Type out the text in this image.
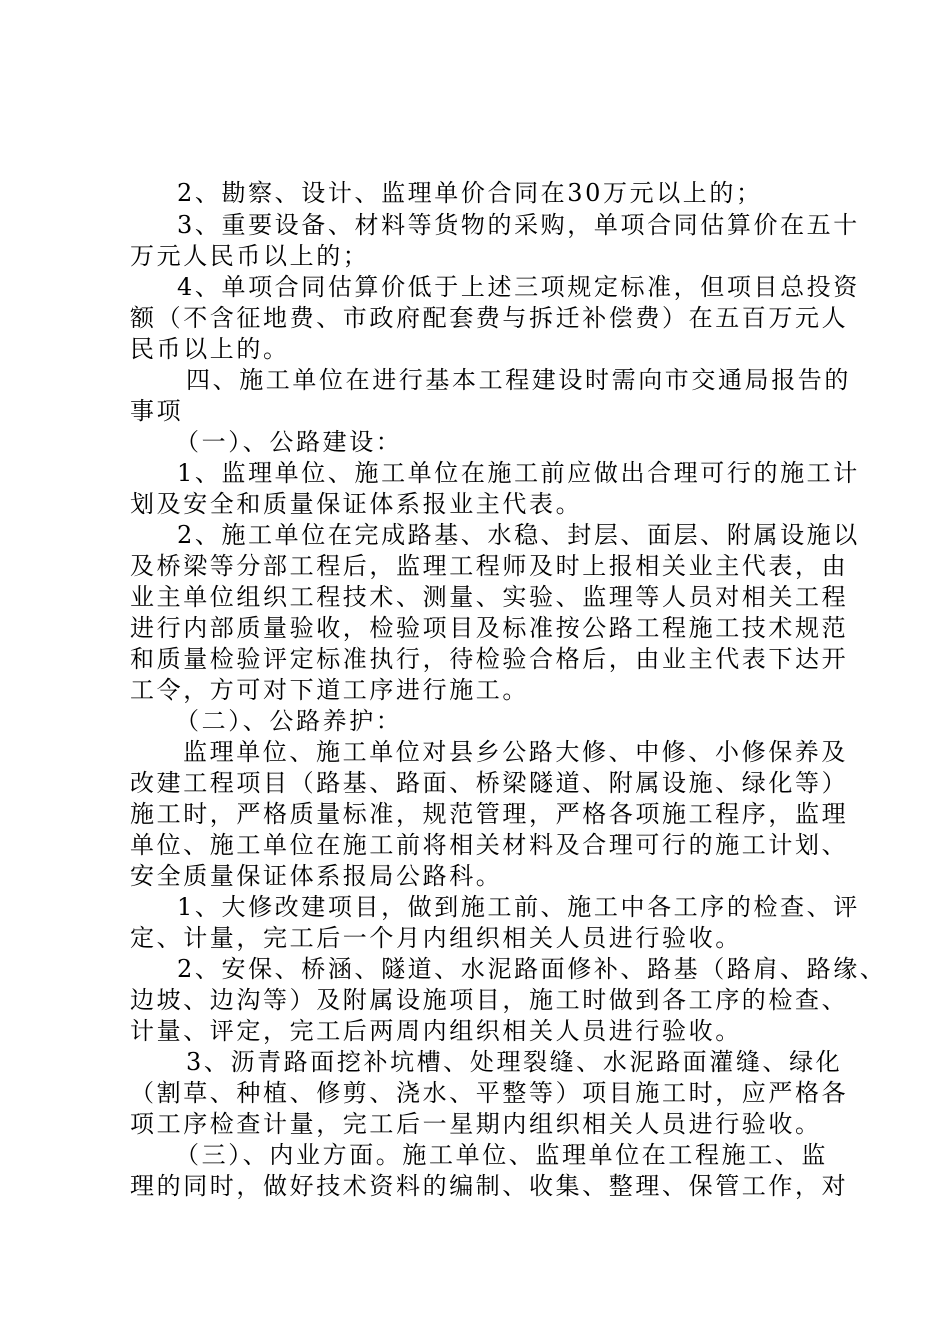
2、勘察、设计、监理单价合同在30万元以上的；
3、重要设备、材料等货物的采购，单项合同估算价在五十
万元人民币以上的；
4、单项合同估算价低于上述三项规定标准，但项目总投资
额（不含征地费、市政府配套费与拆迁补偿费）在五百万元人
民币以上的。
四、施工单位在进行基本工程建设时需向市交通局报告的
事项
（一）、公路建设：
1、监理单位、施工单位在施工前应做出合理可行的施工计
划及安全和质量保证体系报业主代表。
2、施工单位在完成路基、水稳、封层、面层、附属设施以
及桥梁等分部工程后，监理工程师及时上报相关业主代表，由
业主单位组织工程技术、测量、实验、监理等人员对相关工程
进行内部质量验收，检验项目及标准按公路工程施工技术规范
和质量检验评定标准执行，待检验合格后，由业主代表下达开
工令，方可对下道工序进行施工。
（二）、公路养护：
监理单位、施工单位对县乡公路大修、中修、小修保养及
改建工程项目（路基、路面、桥梁隧道、附属设施、绿化等）
施工时，严格质量标准，规范管理，严格各项施工程序，监理
单位、施工单位在施工前将相关材料及合理可行的施工计划、
安全质量保证体系报局公路科。
1、大修改建项目，做到施工前、施工中各工序的检查、评
定、计量，完工后一个月内组织相关人员进行验收。
2、安保、桥涵、隧道、水泥路面修补、路基（路肩、路缘、
边坡、边沟等）及附属设施项目，施工时做到各工序的检查、
计量、评定，完工后两周内组织相关人员进行验收。
3、沥青路面挖补坑槽、处理裂缝、水泥路面灌缝、绿化
（割草、种植、修剪、浇水、平整等）项目施工时，应严格各
项工序检查计量，完工后一星期内组织相关人员进行验收。
（三）、内业方面。施工单位、监理单位在工程施工、监
理的同时，做好技术资料的编制、收集、整理、保管工作，对
